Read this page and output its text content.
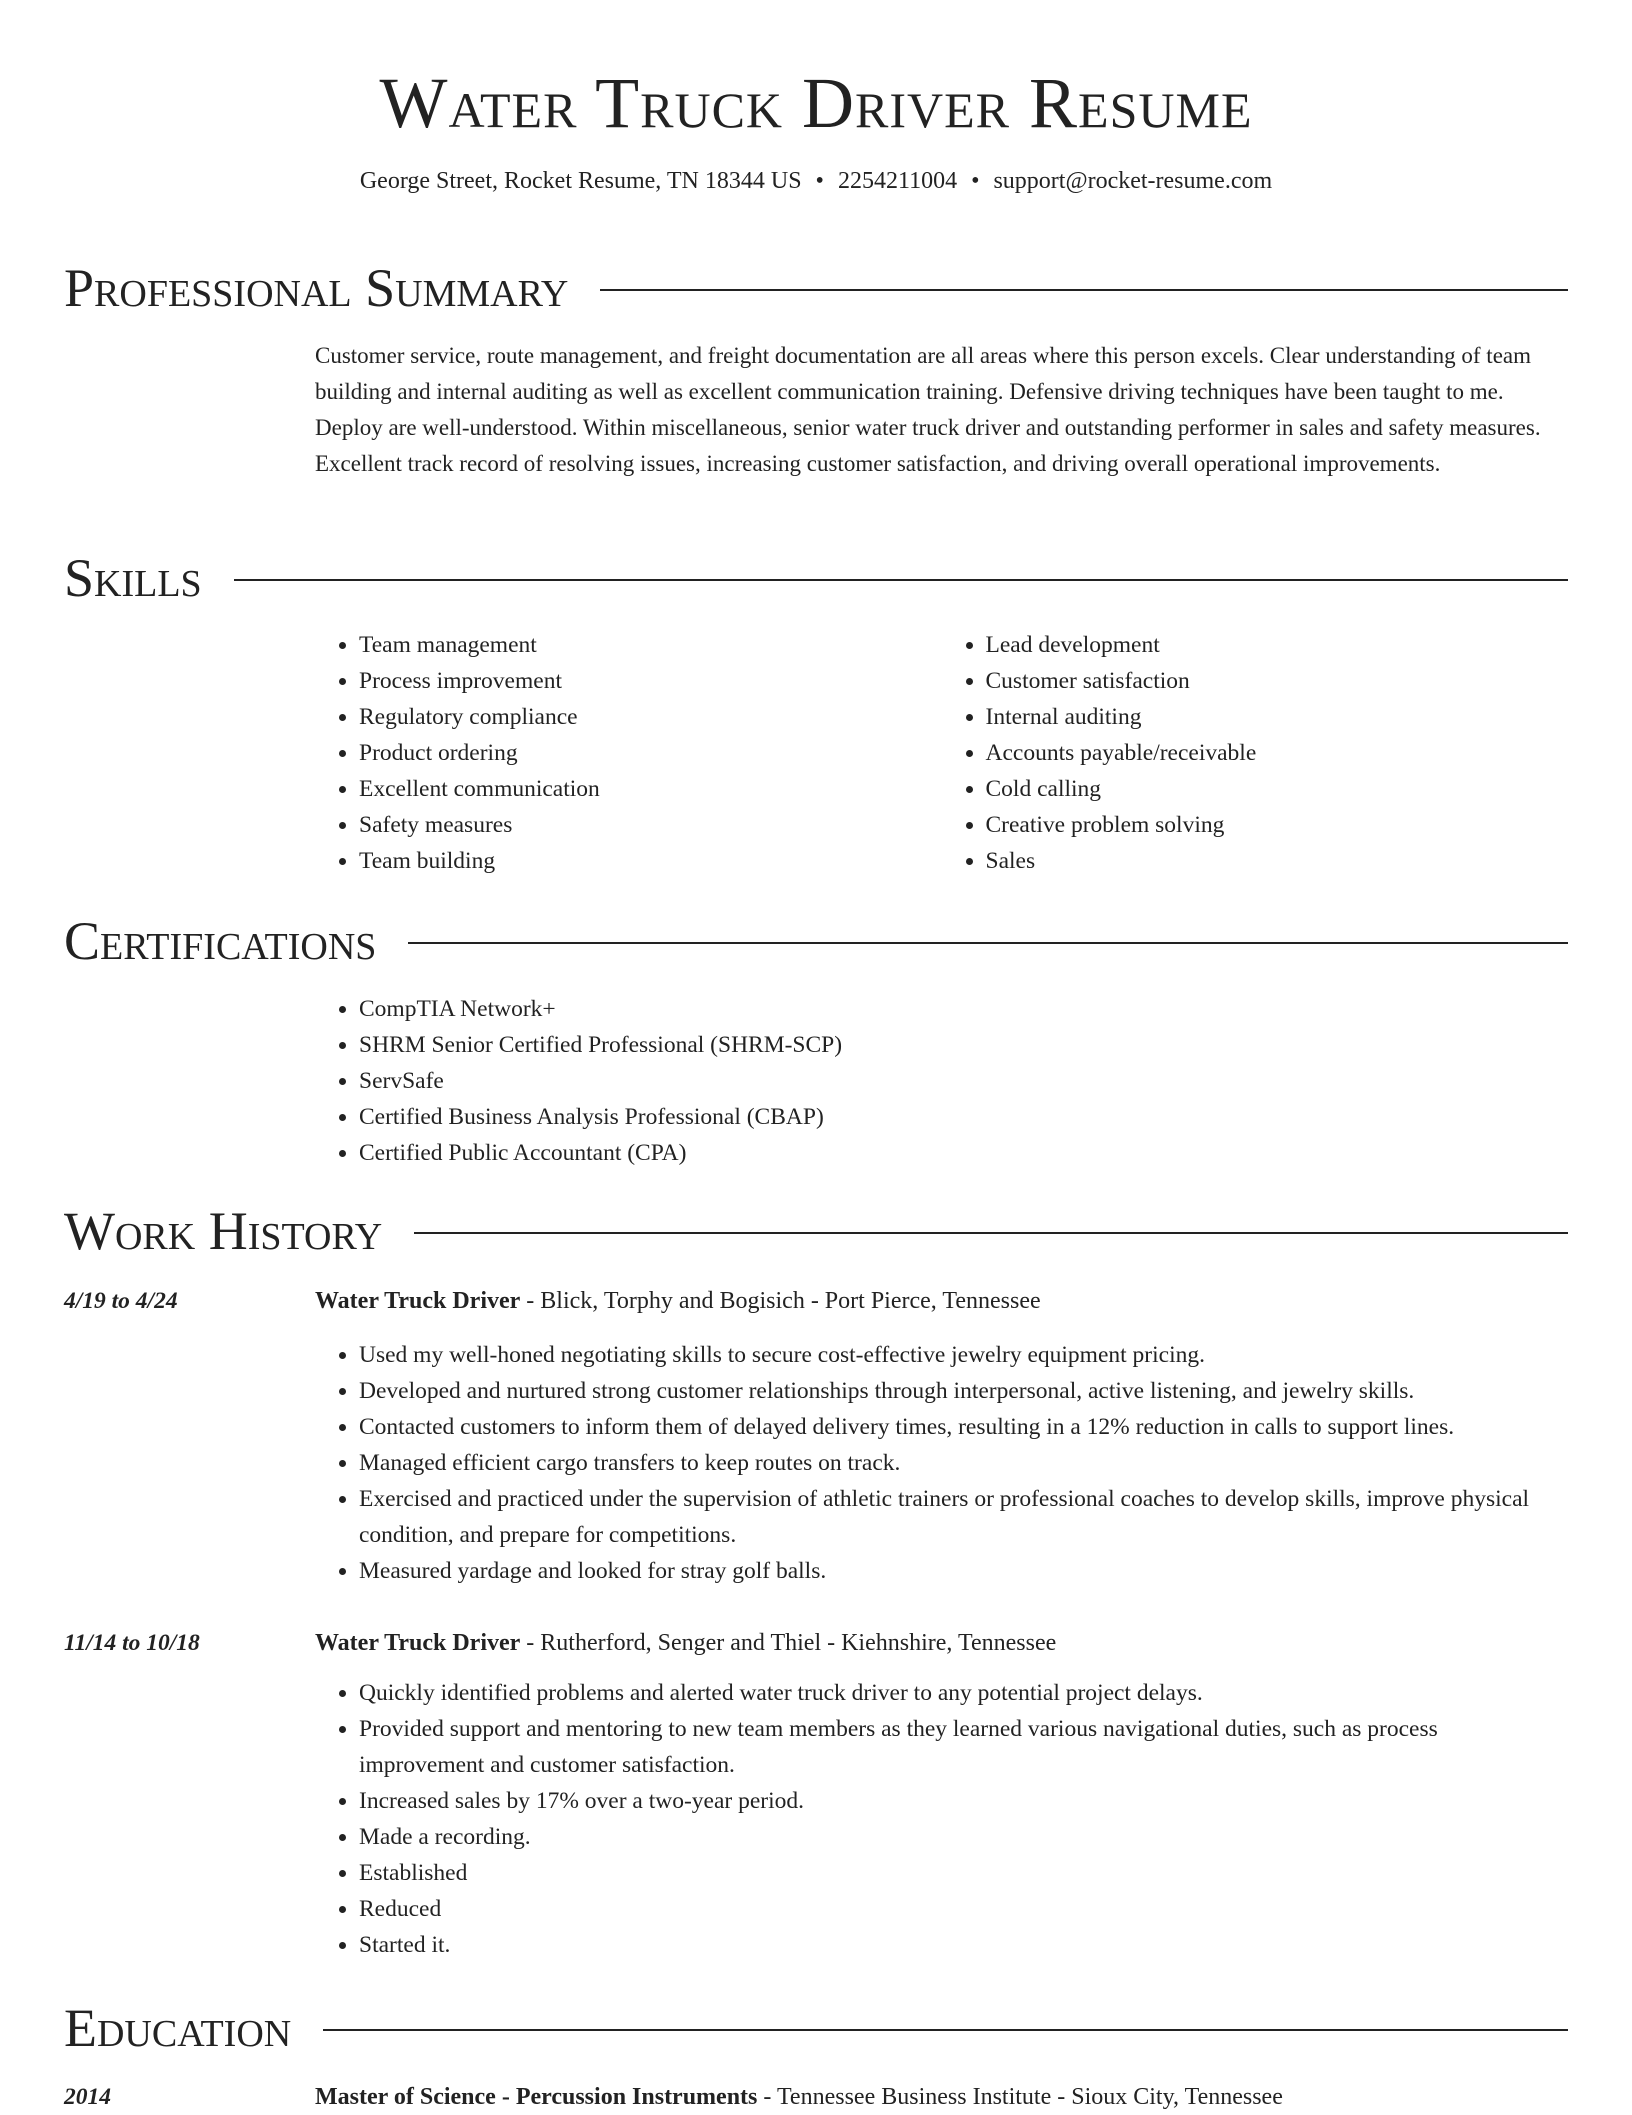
Water Truck Driver Resume
George Street, Rocket Resume, TN 18344 US • 2254211004 • support@rocket-resume.com
Professional Summary
Customer service, route management, and freight documentation are all areas where this person excels. Clear understanding of team building and internal auditing as well as excellent communication training. Defensive driving techniques have been taught to me. Deploy are well-understood. Within miscellaneous, senior water truck driver and outstanding performer in sales and safety measures. Excellent track record of resolving issues, increasing customer satisfaction, and driving overall operational improvements.
Skills
• Team management
• Process improvement
• Regulatory compliance
• Product ordering
• Excellent communication
• Safety measures
• Team building
• Lead development
• Customer satisfaction
• Internal auditing
• Accounts payable/receivable
• Cold calling
• Creative problem solving
• Sales
Certifications
• CompTIA Network+
• SHRM Senior Certified Professional (SHRM-SCP)
• ServSafe
• Certified Business Analysis Professional (CBAP)
• Certified Public Accountant (CPA)
Work History
4/19 to 4/24	Water Truck Driver - Blick, Torphy and Bogisich - Port Pierce, Tennessee
• Used my well-honed negotiating skills to secure cost-effective jewelry equipment pricing.
• Developed and nurtured strong customer relationships through interpersonal, active listening, and jewelry skills.
• Contacted customers to inform them of delayed delivery times, resulting in a 12% reduction in calls to support lines.
• Managed efficient cargo transfers to keep routes on track.
• Exercised and practiced under the supervision of athletic trainers or professional coaches to develop skills, improve physical condition, and prepare for competitions.
• Measured yardage and looked for stray golf balls.
11/14 to 10/18	Water Truck Driver - Rutherford, Senger and Thiel - Kiehnshire, Tennessee
• Quickly identified problems and alerted water truck driver to any potential project delays.
• Provided support and mentoring to new team members as they learned various navigational duties, such as process improvement and customer satisfaction.
• Increased sales by 17% over a two-year period.
• Made a recording.
• Established
• Reduced
• Started it.
Education
2014	Master of Science - Percussion Instruments - Tennessee Business Institute - Sioux City, Tennessee
